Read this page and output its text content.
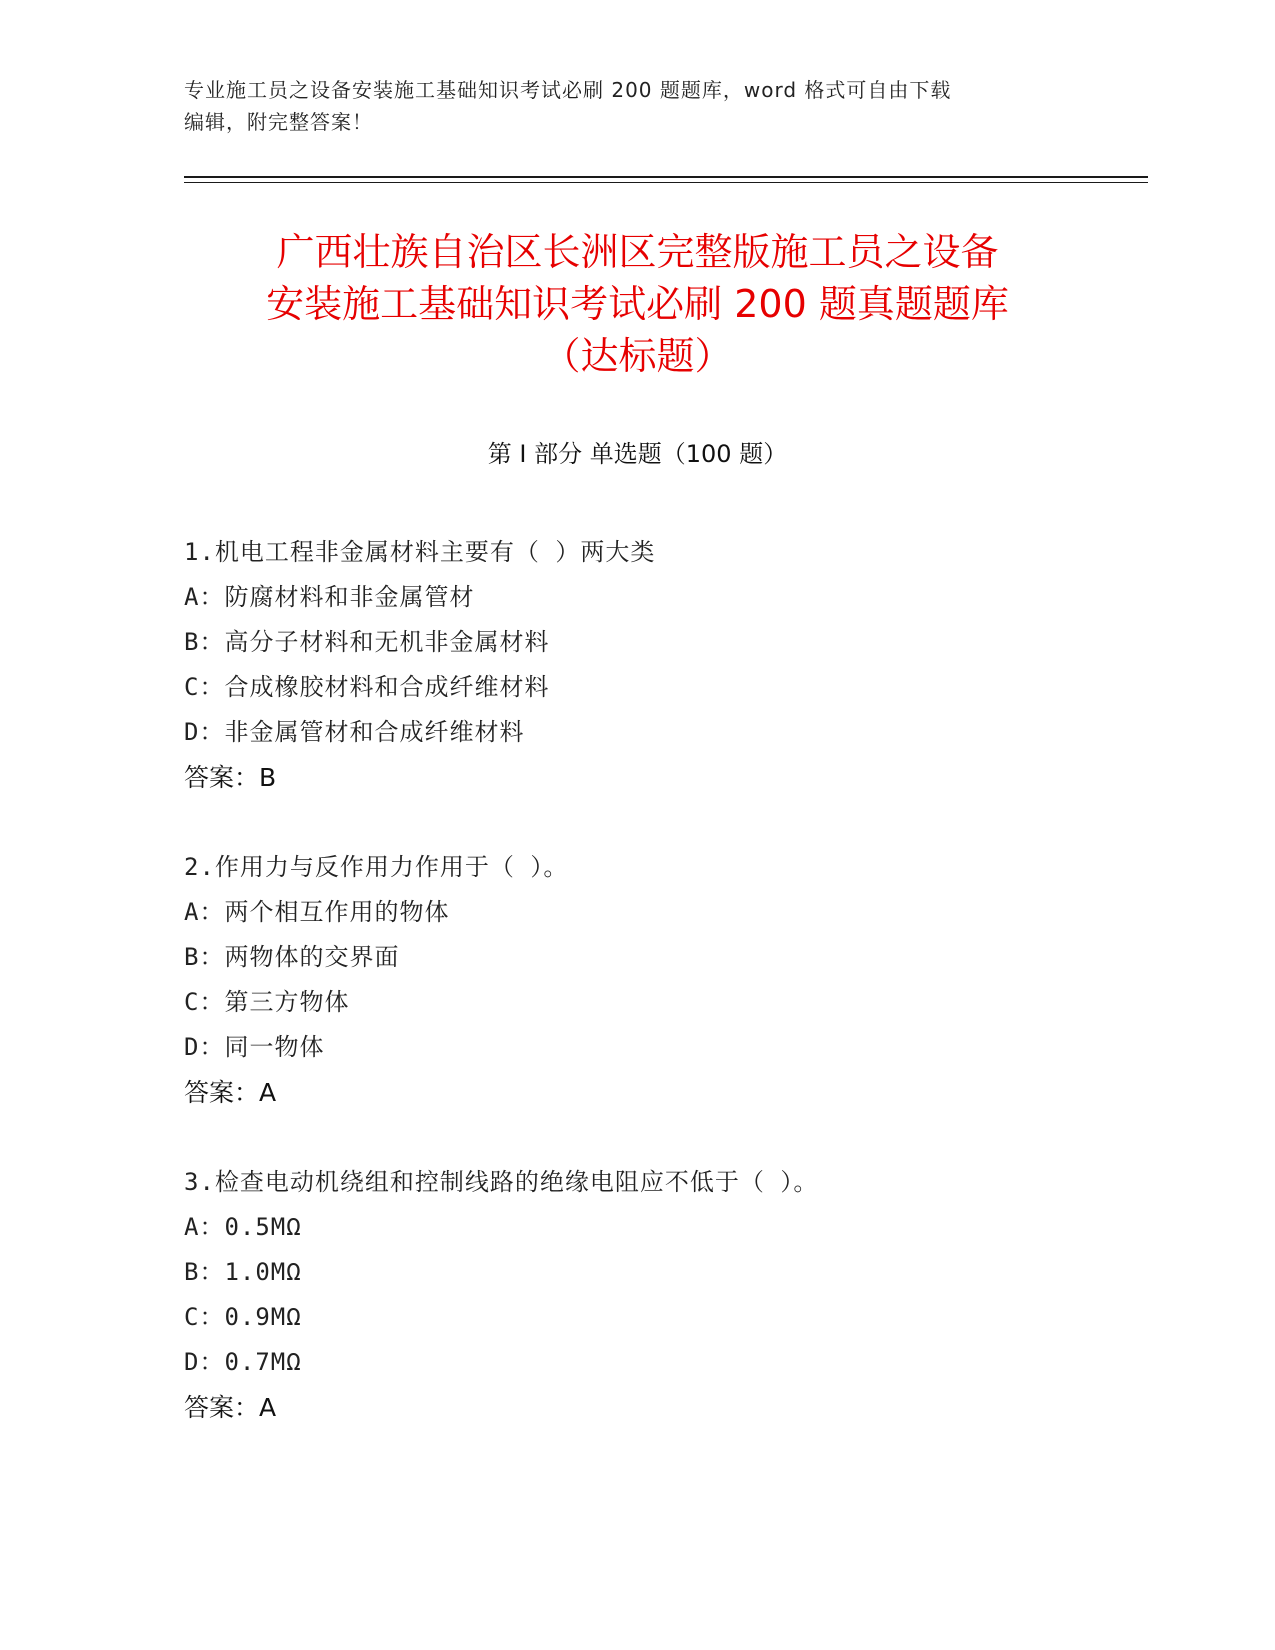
专业施工员之设备安装施工基础知识考试必刷 200 题题库，word 格式可自由下载
编辑，附完整答案！
广西壮族自治区长洲区完整版施工员之设备
安装施工基础知识考试必刷 200 题真题题库
（达标题）
第 I 部分 单选题（100 题）
1.机电工程非金属材料主要有（ ）两大类
A：防腐材料和非金属管材
B：高分子材料和无机非金属材料
C：合成橡胶材料和合成纤维材料
D：非金属管材和合成纤维材料
答案：B
2.作用力与反作用力作用于（ ）。
A：两个相互作用的物体
B：两物体的交界面
C：第三方物体
D：同一物体
答案：A
3.检查电动机绕组和控制线路的绝缘电阻应不低于（ ）。
A：0.5MΩ
B：1.0MΩ
C：0.9MΩ
D：0.7MΩ
答案：A
